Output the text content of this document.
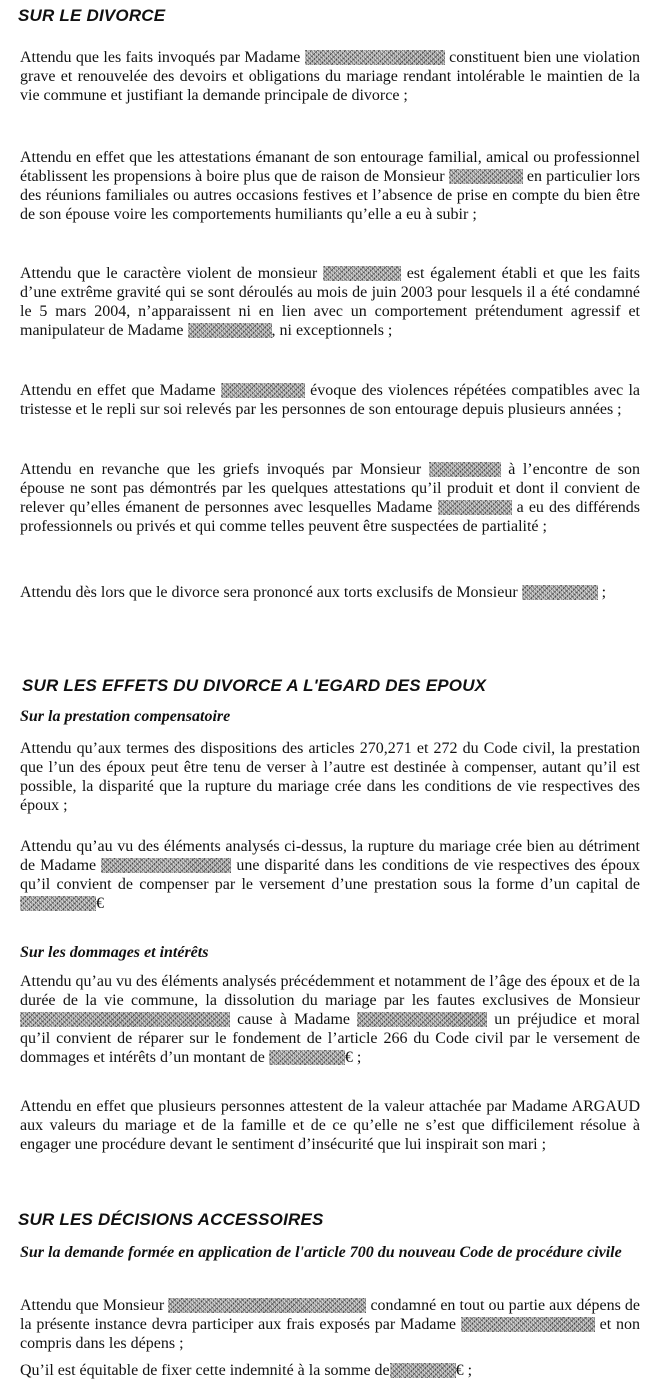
SUR LE DIVORCE

Attendu que les faits invoqués par Madame	constituent bien une violation grave et renouvelée des devoirs et obligations du mariage rendant intolérable le maintien de la vie commune et justifiant la demande principale de divorce ;

Attendu en effet que les attestations émanant de son entourage familial, amical ou professionnel établissent les propensions à boire plus que de raison de Monsieur	en particulier lors des réunions familiales ou autres occasions festives et l’absence de prise en compte du bien être de son épouse voire les comportements humiliants qu’elle a eu à subir ;

Attendu que le caractère violent de monsieur	est également établi et que les faits d’une extrême gravité qui se sont déroulés au mois de juin 2003 pour lesquels il a été condamné le 5 mars 2004, n’apparaissent ni en lien avec un comportement prétendument agressif et manipulateur de Madame	, ni exceptionnels ;

Attendu en effet que Madame	évoque des violences répétées compatibles avec la tristesse et le repli sur soi relevés par les personnes de son entourage depuis plusieurs années ;

Attendu en revanche que les griefs invoqués par Monsieur	à l’encontre de son épouse ne sont pas démontrés par les quelques attestations qu’il produit et dont il convient de relever qu’elles émanent de personnes avec lesquelles Madame	a eu des différends professionnels ou privés et qui comme telles peuvent être suspectées de partialité ;

Attendu dès lors que le divorce sera prononcé aux torts exclusifs de Monsieur	;

SUR LES EFFETS DU DIVORCE A L'EGARD DES EPOUX
Sur la prestation compensatoire

Attendu qu’aux termes des dispositions des articles 270,271 et 272 du Code civil, la prestation que l’un des époux peut être tenu de verser à l’autre est destinée à compenser, autant qu’il est possible, la disparité que la rupture du mariage crée dans les conditions de vie respectives des époux ;

Attendu qu’au vu des éléments analysés ci-dessus, la rupture du mariage crée bien au détriment de Madame	une disparité dans les conditions de vie respectives des époux qu’il convient de compenser par le versement d’une prestation sous la forme d’un capital de €

Sur les dommages et intérêts

Attendu qu’au vu des éléments analysés précédemment et notamment de l’âge des époux et de la durée de la vie commune, la dissolution du mariage par les fautes exclusives de Monsieur  cause à Madame	un préjudice et moral qu’il convient de réparer sur le fondement de l’article 266 du Code civil par le versement de dommages et intérêts d’un montant de	€ ;

Attendu en effet que plusieurs personnes attestent de la valeur attachée par Madame ARGAUD aux valeurs du mariage et de la famille et de ce qu’elle ne s’est que difficilement résolue à engager une procédure devant le sentiment d’insécurité que lui inspirait son mari ;

SUR LES DÉCISIONS ACCESSOIRES
Sur la demande formée en application de l'article 700 du nouveau Code de procédure civile

Attendu que Monsieur	condamné en tout ou partie aux dépens de la présente instance devra participer aux frais exposés par Madame	et non compris dans les dépens ;

Qu’il est équitable de fixer cette indemnité à la somme de	€ ;
